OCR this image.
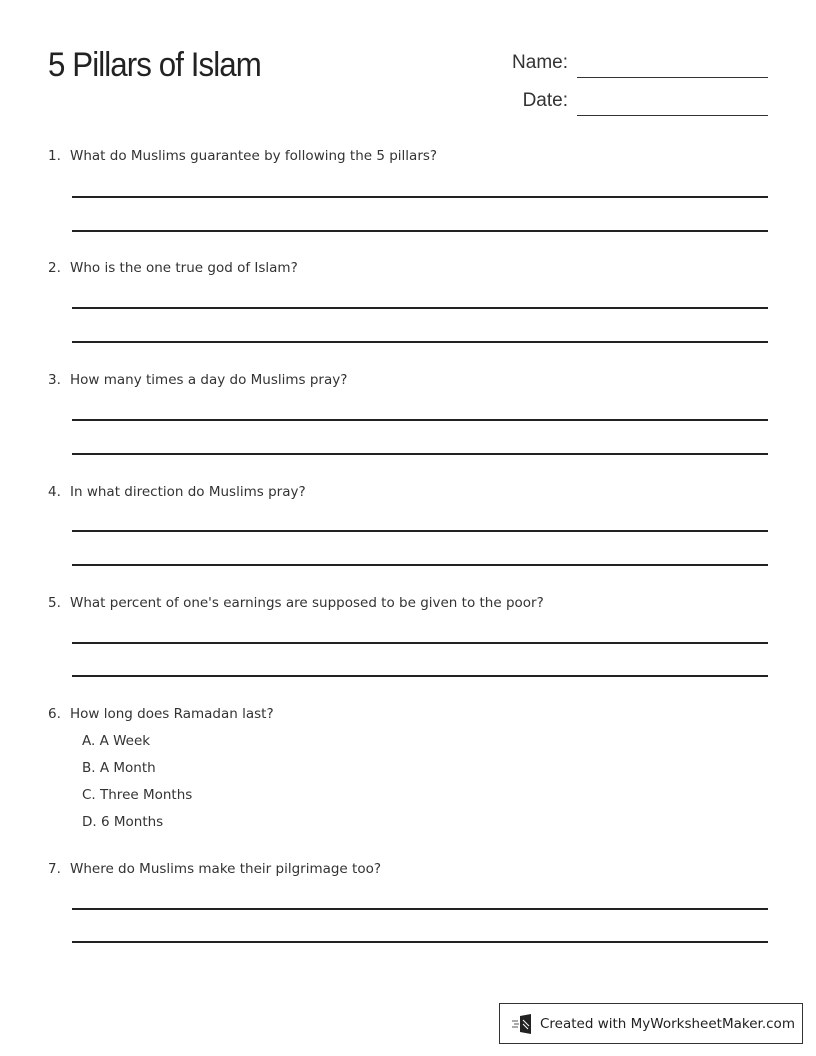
5 Pillars of Islam	Name:
Date:
1. What do Muslims guarantee by following the 5 pillars?
2. Who is the one true god of Islam?
3. How many times a day do Muslims pray?
4. In what direction do Muslims pray?
5. What percent of one's earnings are supposed to be given to the poor?
6. How long does Ramadan last?
A. A Week
B. A Month
C. Three Months
D. 6 Months
7. Where do Muslims make their pilgrimage too?
Created with MyWorksheetMaker.com
